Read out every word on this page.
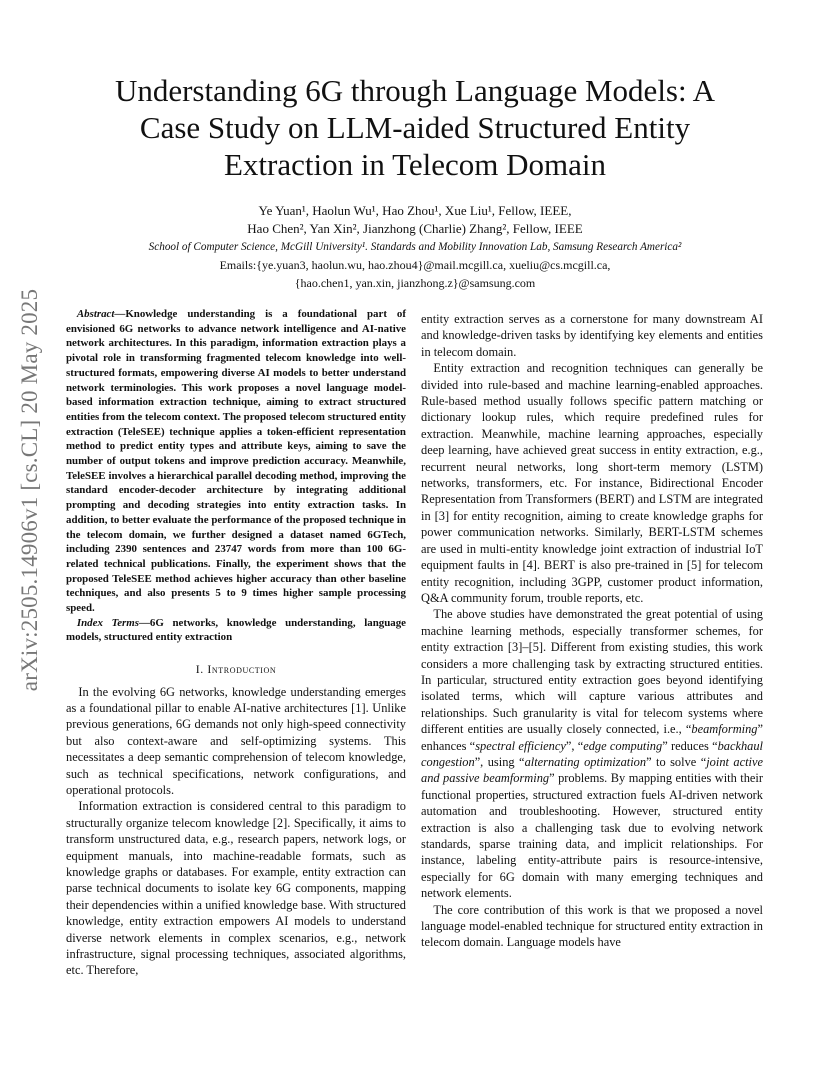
arXiv:2505.14906v1 [cs.CL] 20 May 2025
Understanding 6G through Language Models: A
Case Study on LLM-aided Structured Entity
Extraction in Telecom Domain
Ye Yuan¹, Haolun Wu¹, Hao Zhou¹, Xue Liu¹, Fellow, IEEE,
Hao Chen², Yan Xin², Jianzhong (Charlie) Zhang², Fellow, IEEE
School of Computer Science, McGill University¹. Standards and Mobility Innovation Lab, Samsung Research America²
Emails:{ye.yuan3, haolun.wu, hao.zhou4}@mail.mcgill.ca, xueliu@cs.mcgill.ca,
{hao.chen1, yan.xin, jianzhong.z}@samsung.com

Abstract—Knowledge understanding is a foundational part of envisioned 6G networks to advance network intelligence and AI-native network architectures. In this paradigm, information extraction plays a pivotal role in transforming fragmented telecom knowledge into well-structured formats, empowering diverse AI models to better understand network terminologies. This work proposes a novel language model-based information extraction technique, aiming to extract structured entities from the telecom context. The proposed telecom structured entity extraction (TeleSEE) technique applies a token-efficient representation method to predict entity types and attribute keys, aiming to save the number of output tokens and improve prediction accuracy. Meanwhile, TeleSEE involves a hierarchical parallel decoding method, improving the standard encoder-decoder architecture by integrating additional prompting and decoding strategies into entity extraction tasks. In addition, to better evaluate the performance of the proposed technique in the telecom domain, we further designed a dataset named 6GTech, including 2390 sentences and 23747 words from more than 100 6G-related technical publications. Finally, the experiment shows that the proposed TeleSEE method achieves higher accuracy than other baseline techniques, and also presents 5 to 9 times higher sample processing speed.

Index Terms—6G networks, knowledge understanding, language models, structured entity extraction

I. Introduction

In the evolving 6G networks, knowledge understanding emerges as a foundational pillar to enable AI-native architectures [1]. Unlike previous generations, 6G demands not only high-speed connectivity but also context-aware and self-optimizing systems. This necessitates a deep semantic comprehension of telecom knowledge, such as technical specifications, network configurations, and operational protocols.

Information extraction is considered central to this paradigm to structurally organize telecom knowledge [2]. Specifically, it aims to transform unstructured data, e.g., research papers, network logs, or equipment manuals, into machine-readable formats, such as knowledge graphs or databases. For example, entity extraction can parse technical documents to isolate key 6G components, mapping their dependencies within a unified knowledge base. With structured knowledge, entity extraction empowers AI models to understand diverse network elements in complex scenarios, e.g., network infrastructure, signal processing techniques, associated algorithms, etc. Therefore,

entity extraction serves as a cornerstone for many downstream AI and knowledge-driven tasks by identifying key elements and entities in telecom domain.

Entity extraction and recognition techniques can generally be divided into rule-based and machine learning-enabled approaches. Rule-based method usually follows specific pattern matching or dictionary lookup rules, which require predefined rules for extraction. Meanwhile, machine learning approaches, especially deep learning, have achieved great success in entity extraction, e.g., recurrent neural networks, long short-term memory (LSTM) networks, transformers, etc. For instance, Bidirectional Encoder Representation from Transformers (BERT) and LSTM are integrated in [3] for entity recognition, aiming to create knowledge graphs for power communication networks. Similarly, BERT-LSTM schemes are used in multi-entity knowledge joint extraction of industrial IoT equipment faults in [4]. BERT is also pre-trained in [5] for telecom entity recognition, including 3GPP, customer product information, Q&A community forum, trouble reports, etc.

The above studies have demonstrated the great potential of using machine learning methods, especially transformer schemes, for entity extraction [3]–[5]. Different from existing studies, this work considers a more challenging task by extracting structured entities. In particular, structured entity extraction goes beyond identifying isolated terms, which will capture various attributes and relationships. Such granularity is vital for telecom systems where different entities are usually closely connected, i.e., “beamforming” enhances “spectral efficiency”, “edge computing” reduces “backhaul congestion”, using “alternating optimization” to solve “joint active and passive beamforming” problems. By mapping entities with their functional properties, structured extraction fuels AI-driven network automation and troubleshooting. However, structured entity extraction is also a challenging task due to evolving network standards, sparse training data, and implicit relationships. For instance, labeling entity-attribute pairs is resource-intensive, especially for 6G domain with many emerging techniques and network elements.

The core contribution of this work is that we proposed a novel language model-enabled technique for structured entity extraction in telecom domain. Language models have
